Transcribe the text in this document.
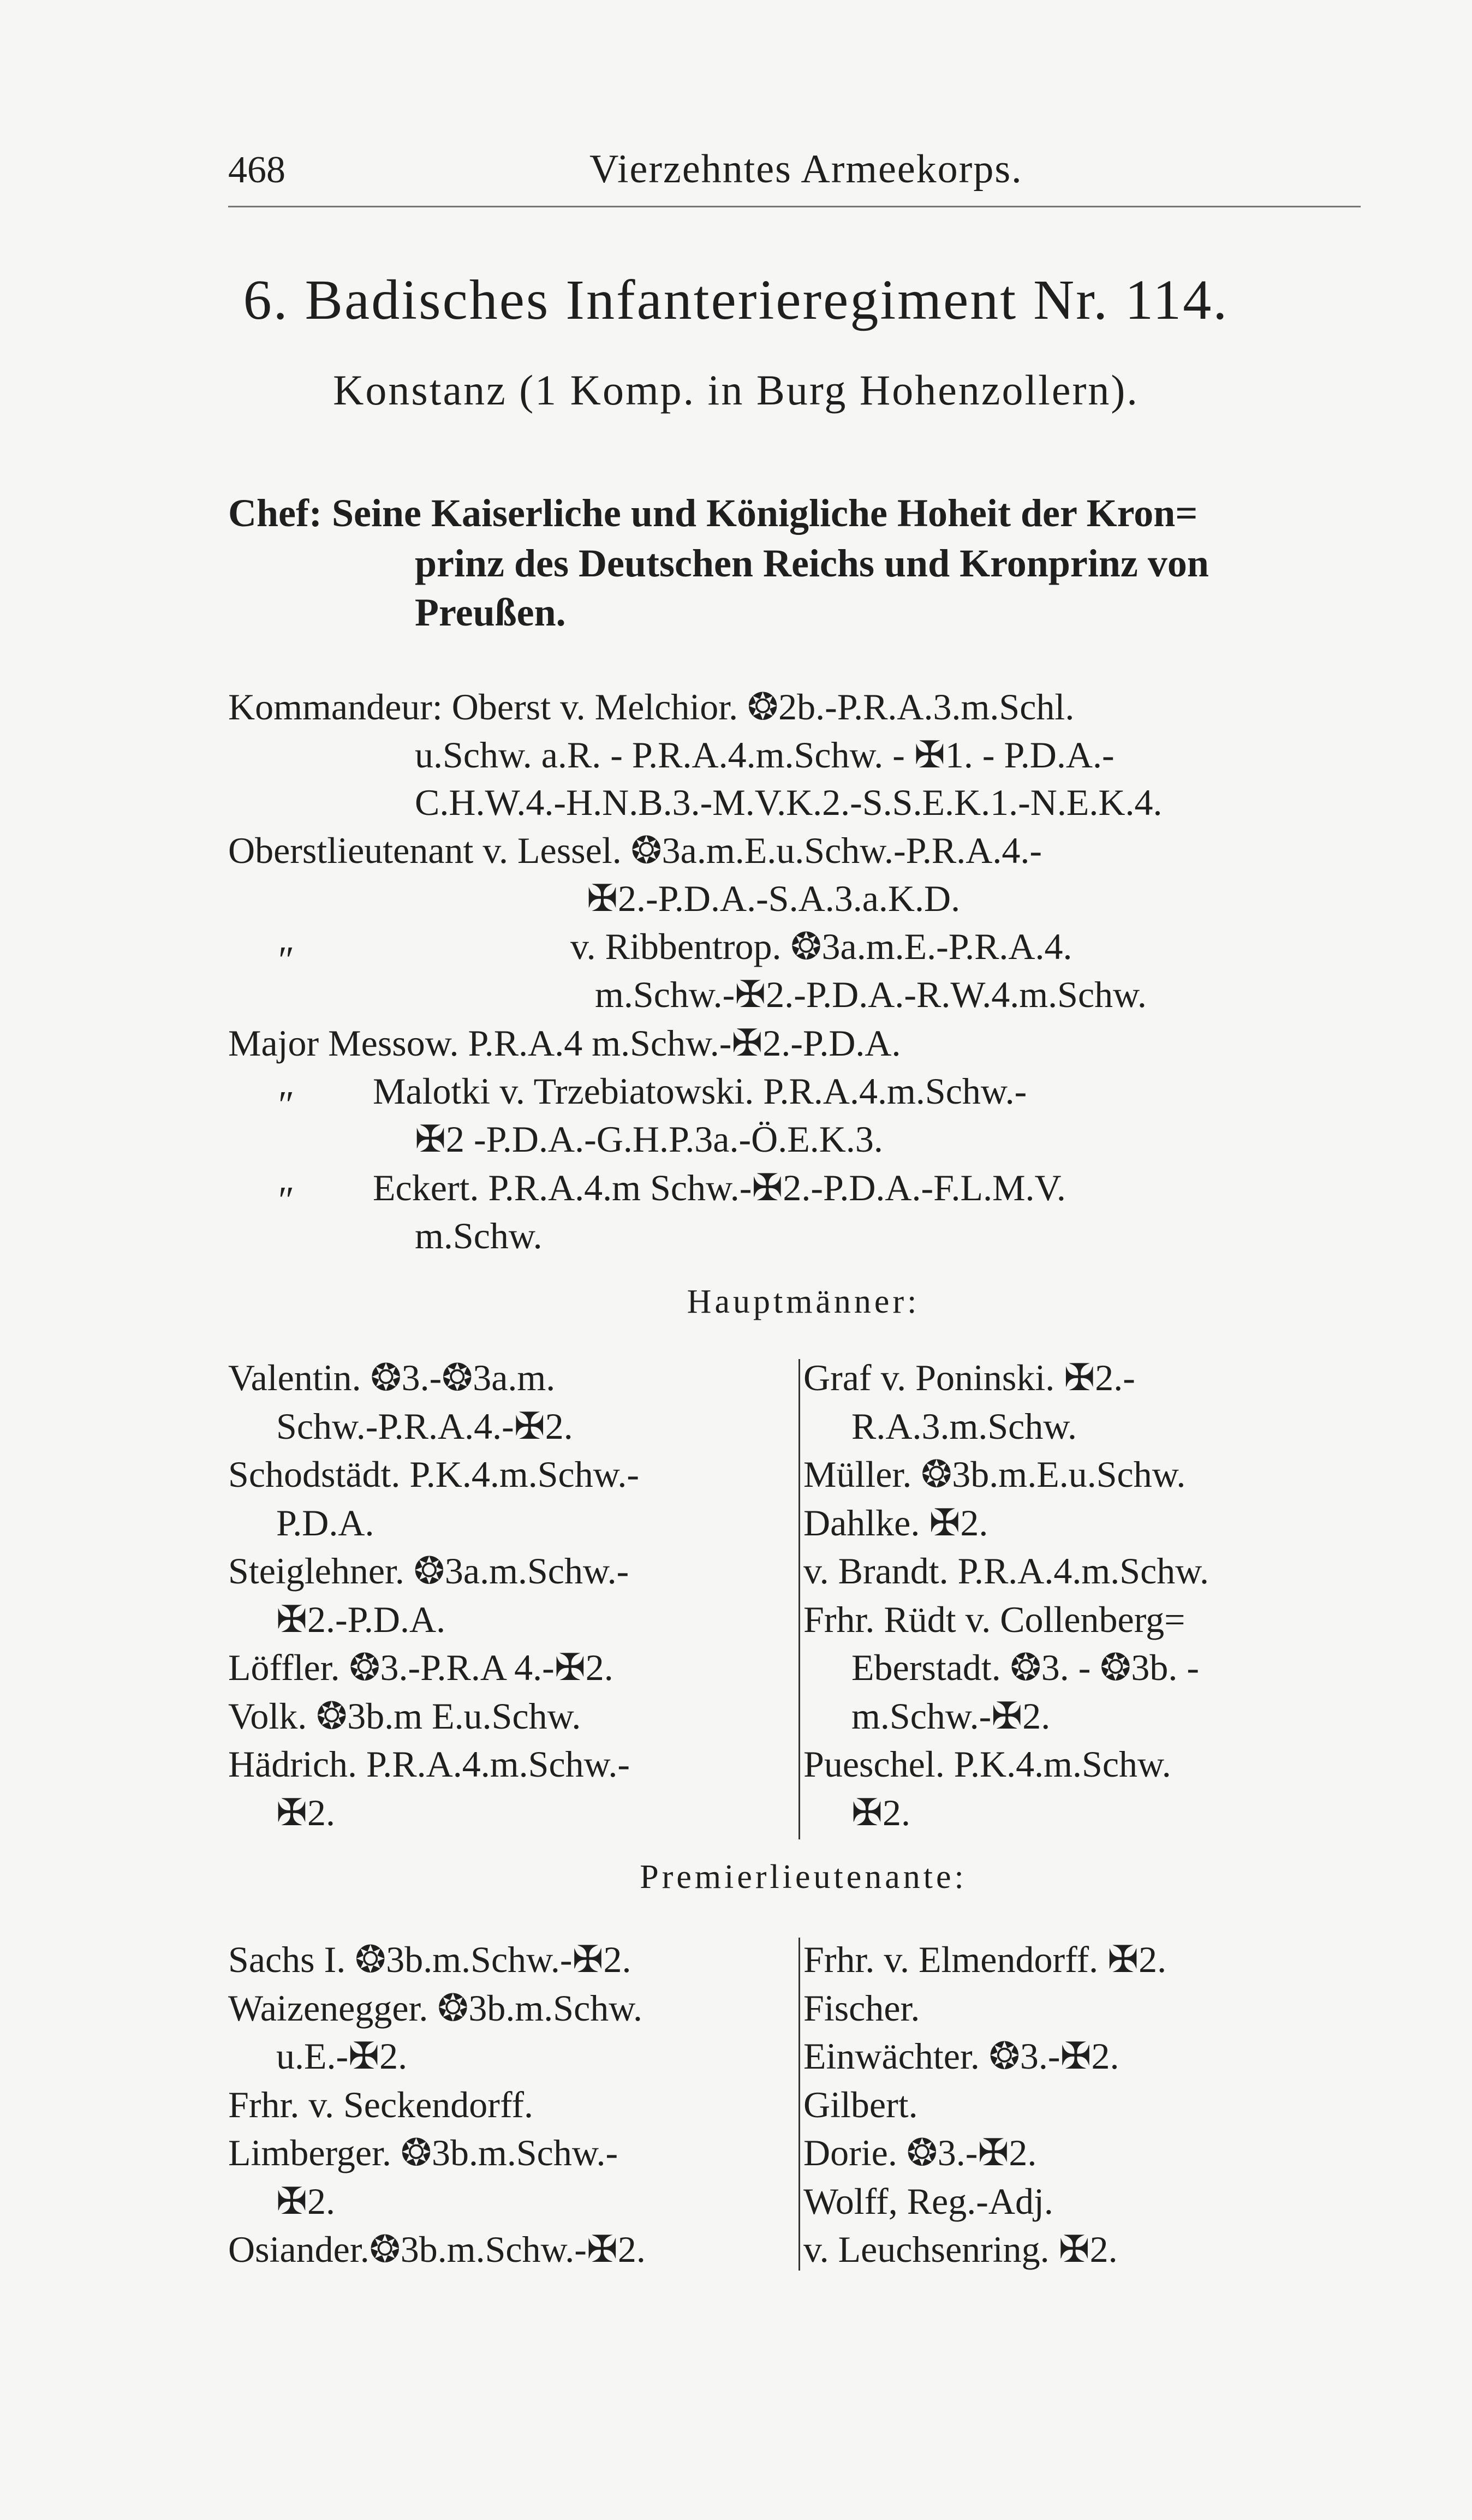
468	Vierzehntes Armeekorps.
6. Badisches Infanterieregiment Nr. 114.
Konstanz (1 Komp. in Burg Hohenzollern).
Chef: Seine Kaiserliche und Königliche Hoheit der Kron=
prinz des Deutschen Reichs und Kronprinz von
Preußen.
Kommandeur: Oberst v. Melchior. ❂2b.-P.R.A.3.m.Schl.
u.Schw. a.R. - P.R.A.4.m.Schw. - ✠1. - P.D.A.-
C.H.W.4.-H.N.B.3.-M.V.K.2.-S.S.E.K.1.-N.E.K.4.
Oberstlieutenant v. Lessel. ❂3a.m.E.u.Schw.-P.R.A.4.-
✠2.-P.D.A.-S.A.3.a.K.D.
″	v. Ribbentrop. ❂3a.m.E.-P.R.A.4.
m.Schw.-✠2.-P.D.A.-R.W.4.m.Schw.
Major Messow. P.R.A.4 m.Schw.-✠2.-P.D.A.
″ Malotki v. Trzebiatowski. P.R.A.4.m.Schw.-
✠2 -P.D.A.-G.H.P.3a.-Ö.E.K.3.
″ Eckert. P.R.A.4.m Schw.-✠2.-P.D.A.-F.L.M.V.
m.Schw.
Hauptmänner:
Valentin. ❂3.-❂3a.m.	Graf v. Poninski. ✠2.-
Schw.-P.R.A.4.-✠2.	R.A.3.m.Schw.
Schodstädt. P.K.4.m.Schw.-	Müller. ❂3b.m.E.u.Schw.
P.D.A.	Dahlke. ✠2.
Steiglehner. ❂3a.m.Schw.-	v. Brandt. P.R.A.4.m.Schw.
✠2.-P.D.A.	Frhr. Rüdt v. Collenberg=
Löffler. ❂3.-P.R.A 4.-✠2.	Eberstadt. ❂3. - ❂3b. -
Volk. ❂3b.m E.u.Schw.	m.Schw.-✠2.
Hädrich. P.R.A.4.m.Schw.-	Pueschel. P.K.4.m.Schw.
✠2.	✠2.
Premierlieutenante:
Sachs I. ❂3b.m.Schw.-✠2.	Frhr. v. Elmendorff. ✠2.
Waizenegger. ❂3b.m.Schw.	Fischer.
u.E.-✠2.	Einwächter. ❂3.-✠2.
Frhr. v. Seckendorff.	Gilbert.
Limberger. ❂3b.m.Schw.-	Dorie. ❂3.-✠2.
✠2.	Wolff, Reg.-Adj.
Osiander.❂3b.m.Schw.-✠2.	v. Leuchsenring. ✠2.
